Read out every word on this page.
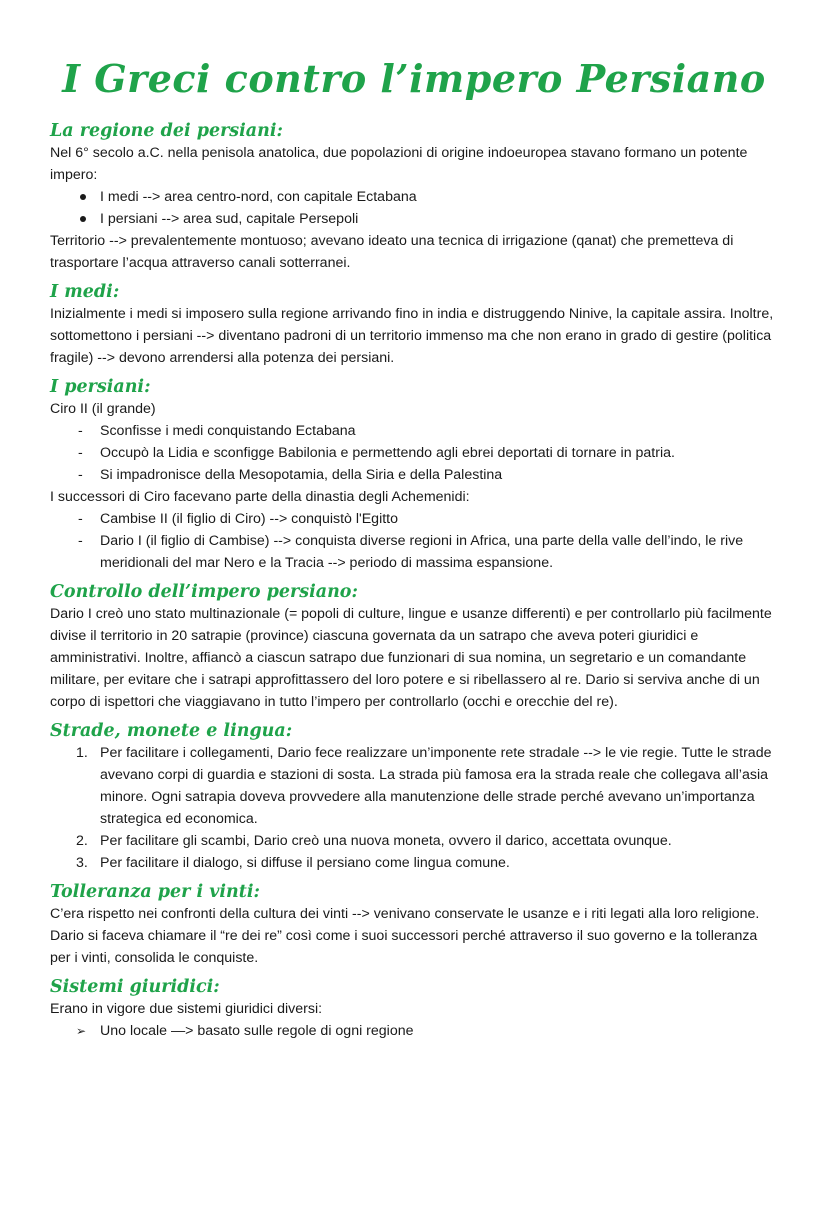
I Greci contro l’impero Persiano
La regione dei persiani:

Nel 6° secolo a.C. nella penisola anatolica, due popolazioni di origine indoeuropea stavano formano un potente impero:

I medi --> area centro-nord, con capitale Ectabana
I persiani --> area sud, capitale Persepoli

Territorio --> prevalentemente montuoso; avevano ideato una tecnica di irrigazione (qanat) che premetteva di trasportare l’acqua attraverso canali sotterranei.

I medi:

Inizialmente i medi si imposero sulla regione arrivando fino in india e distruggendo Ninive, la capitale assira. Inoltre, sottomettono i persiani --> diventano padroni di un territorio immenso ma che non erano in grado di gestire (politica fragile) --> devono arrendersi alla potenza dei persiani.

I persiani:

Ciro II (il grande)

Sconfisse i medi conquistando Ectabana
Occupò la Lidia e sconfigge Babilonia e permettendo agli ebrei deportati di tornare in patria.
Si impadronisce della Mesopotamia, della Siria e della Palestina

I successori di Ciro facevano parte della dinastia degli Achemenidi:

Cambise II (il figlio di Ciro) --> conquistò l'Egitto
Dario I (il figlio di Cambise) --> conquista diverse regioni in Africa, una parte della valle dell’indo, le rive meridionali del mar Nero e la Tracia --> periodo di massima espansione.
Controllo dell’impero persiano:

Dario I creò uno stato multinazionale (= popoli di culture, lingue e usanze differenti) e per controllarlo più facilmente divise il territorio in 20 satrapie (province) ciascuna governata da un satrapo che aveva poteri giuridici e amministrativi. Inoltre, affiancò a ciascun satrapo due funzionari di sua nomina, un segretario e un comandante militare, per evitare che i satrapi approfittassero del loro potere e si ribellassero al re. Dario si serviva anche di un corpo di ispettori che viaggiavano in tutto l’impero per controllarlo (occhi e orecchie del re).

Strade, monete e lingua:
1. Per facilitare i collegamenti, Dario fece realizzare un’imponente rete stradale --> le vie regie. Tutte le strade avevano corpi di guardia e stazioni di sosta. La strada più famosa era la strada reale che collegava all’asia minore. Ogni satrapia doveva provvedere alla manutenzione delle strade perché avevano un’importanza strategica ed economica.
2. Per facilitare gli scambi, Dario creò una nuova moneta, ovvero il darico, accettata ovunque.
3. Per facilitare il dialogo, si diffuse il persiano come lingua comune.
Tolleranza per i vinti:

C’era rispetto nei confronti della cultura dei vinti --> venivano conservate le usanze e i riti legati alla loro religione. Dario si faceva chiamare il “re dei re” così come i suoi successori perché attraverso il suo governo e la tolleranza per i vinti, consolida le conquiste.

Sistemi giuridici:

Erano in vigore due sistemi giuridici diversi:

➢ Uno locale —> basato sulle regole di ogni regione
